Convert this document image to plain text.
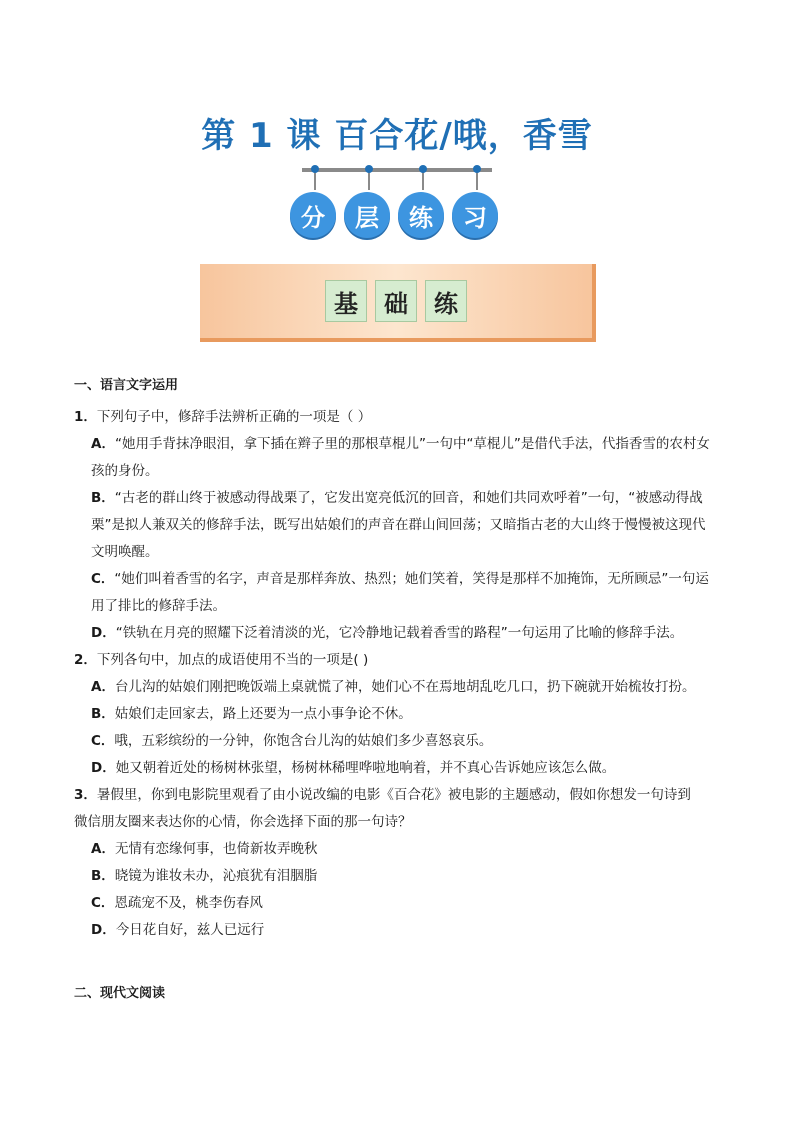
第 1 课 百合花/哦，香雪
分	层	练	习
基	础	练
一、语言文字运用

1．下列句子中，修辞手法辨析正确的一项是（ ）

A．“她用手背抹净眼泪，拿下插在辫子里的那根草棍儿”一句中“草棍儿”是借代手法，代指香雪的农村女
孩的身份。

B．“古老的群山终于被感动得战栗了，它发出宽亮低沉的回音，和她们共同欢呼着”一句，“被感动得战
栗”是拟人兼双关的修辞手法，既写出姑娘们的声音在群山间回荡；又暗指古老的大山终于慢慢被这现代
文明唤醒。

C．“她们叫着香雪的名字，声音是那样奔放、热烈；她们笑着，笑得是那样不加掩饰，无所顾忌”一句运
用了排比的修辞手法。

D．“铁轨在月亮的照耀下泛着清淡的光，它冷静地记载着香雪的路程”一句运用了比喻的修辞手法。

2．下列各句中，加点的成语使用不当的一项是( )

A．台儿沟的姑娘们刚把晚饭端上桌就慌了神，她们心不在焉地胡乱吃几口，扔下碗就开始梳妆打扮。

B．姑娘们走回家去，路上还要为一点小事争论不休。

C．哦，五彩缤纷的一分钟，你饱含台儿沟的姑娘们多少喜怒哀乐。

D．她又朝着近处的杨树林张望，杨树林稀哩哗啦地响着，并不真心告诉她应该怎么做。

3．暑假里，你到电影院里观看了由小说改编的电影《百合花》被电影的主题感动，假如你想发一句诗到
微信朋友圈来表达你的心情，你会选择下面的那一句诗？

A．无情有恋缘何事，也倚新妆弄晚秋

B．晓镜为谁妆未办，沁痕犹有泪胭脂

C．恩疏宠不及，桃李伤春风

D．今日花自好，兹人已远行

二、现代文阅读
